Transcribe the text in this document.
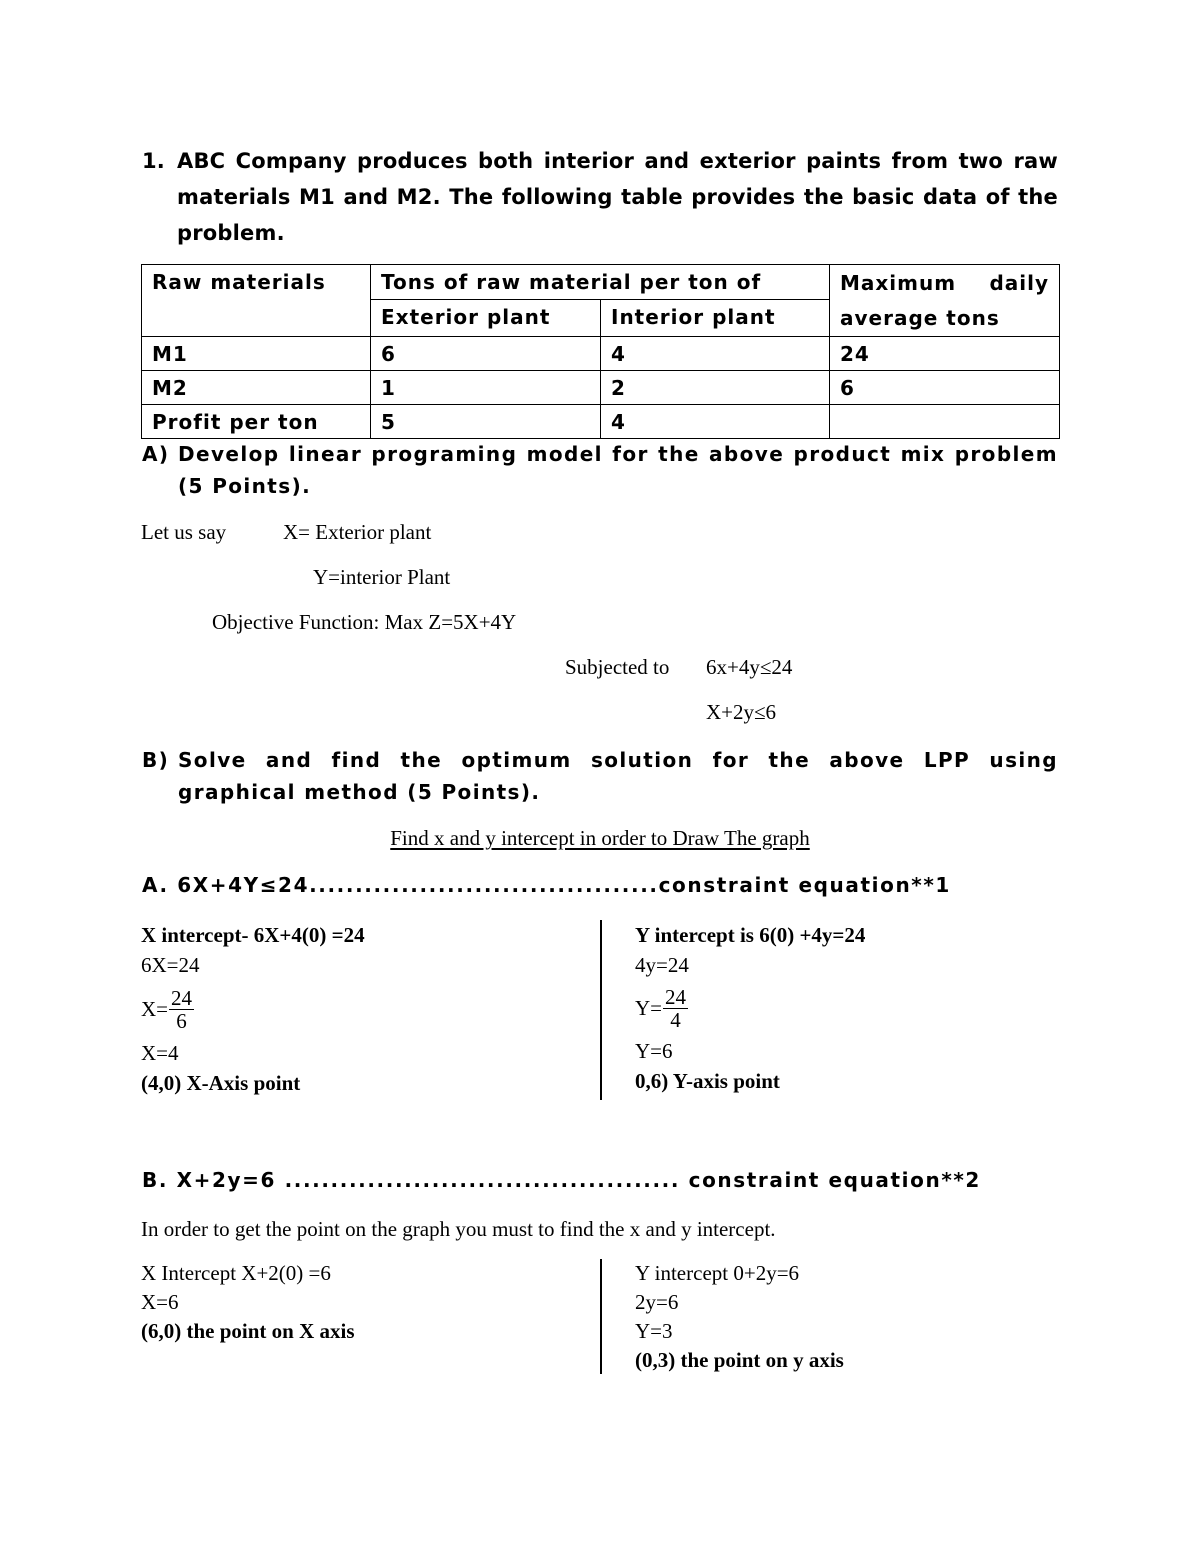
1. ABC Company produces both interior and exterior paints from two raw materials M1 and M2. The following table provides the basic data of the problem.
Raw materials	Tons of raw material per ton of		Maximum daily
average tons

	Exterior plant	Interior plant	
M1	6	4	24
M2	1	2	6
Profit per ton	5	4	
A) Develop linear programing model for the above product mix problem (5 Points).
Let us say	X= Exterior plant
Y=interior Plant
Objective Function: Max Z=5X+4Y
Subjected to 6x+4y≤24
X+2y≤6
B) Solve and find the optimum solution for the above LPP using graphical method (5 Points).
Find x and y intercept in order to Draw The graph
A. 6X+4Y≤24......................................constraint equation**1
X intercept- 6X+4(0) =24
6X=24
$X= \frac{24}{6}$
X=4
(4,0) X-Axis point
Y intercept is 6(0) +4y=24
4y=24
$Y= \frac{24}{4}$
Y=6
0,6) Y-axis point
B. X+2y=6 ........................................... constraint equation**2
In order to get the point on the graph you must to find the x and y intercept.
X Intercept X+2(0) =6
X=6
(6,0) the point on X axis
Y intercept 0+2y=6
2y=6
Y=3
(0,3) the point on y axis
